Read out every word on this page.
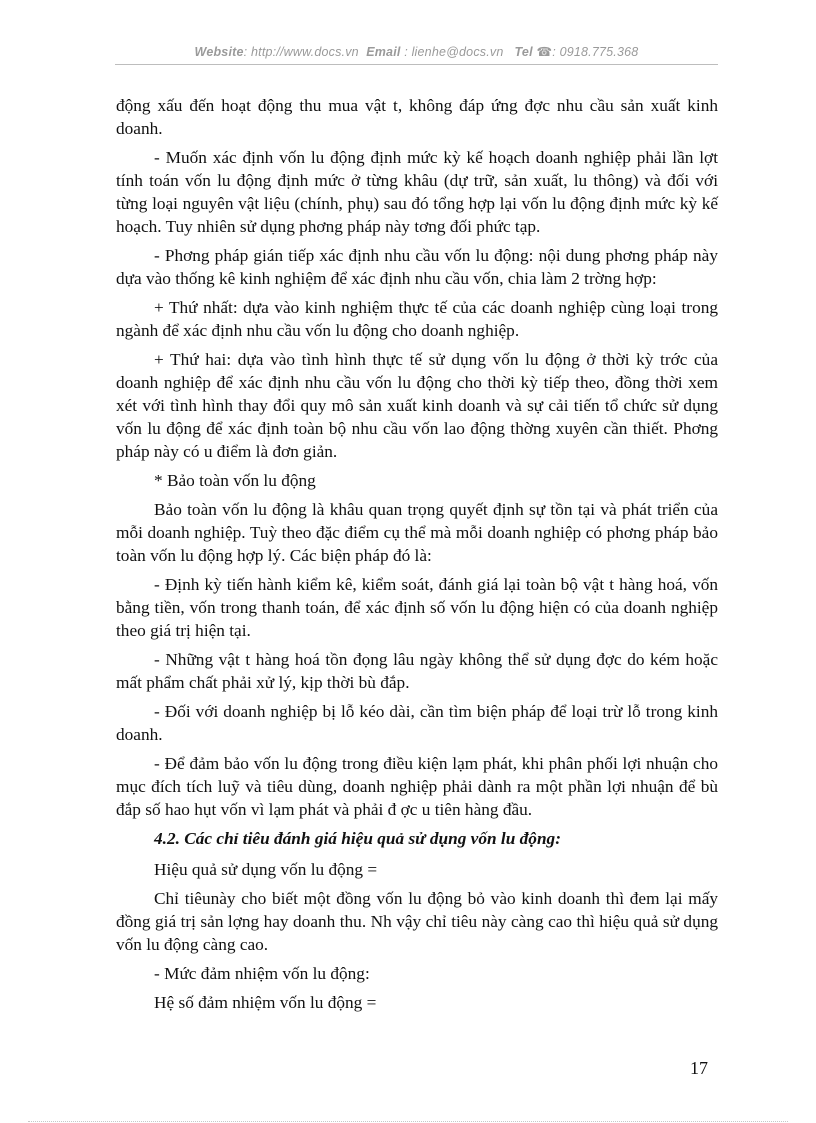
Website: http://www.docs.vn Email : lienhe@docs.vn Tel ☎: 0918.775.368

động xấu đến hoạt động thu mua vật t, không đáp ứng đợc nhu cầu sản xuất kinh doanh.

- Muốn xác định vốn lu động định mức kỳ kế hoạch doanh nghiệp phải lần lợt tính toán vốn lu động định mức ở từng khâu (dự trữ, sản xuất, lu thông) và đối với từng loại nguyên vật liệu (chính, phụ) sau đó tổng hợp lại vốn lu động định mức kỳ kế hoạch. Tuy nhiên sử dụng phơng pháp này tơng đối phức tạp.

- Phơng pháp gián tiếp xác định nhu cầu vốn lu động: nội dung phơng pháp này dựa vào thống kê kinh nghiệm để xác định nhu cầu vốn, chia làm 2 trờng hợp:

+ Thứ nhất: dựa vào kinh nghiệm thực tế của các doanh nghiệp cùng loại trong ngành để xác định nhu cầu vốn lu động cho doanh nghiệp.

+ Thứ hai: dựa vào tình hình thực tế sử dụng vốn lu động ở thời kỳ trớc của doanh nghiệp để xác định nhu cầu vốn lu động cho thời kỳ tiếp theo, đồng thời xem xét với tình hình thay đổi quy mô sản xuất kinh doanh và sự cải tiến tổ chức sử dụng vốn lu động để xác định toàn bộ nhu cầu vốn lao động thờng xuyên cần thiết. Phơng pháp này có u điểm là đơn giản.

* Bảo toàn vốn lu động

Bảo toàn vốn lu động là khâu quan trọng quyết định sự tồn tại và phát triển của mỗi doanh nghiệp. Tuỳ theo đặc điểm cụ thể mà mỗi doanh nghiệp có phơng pháp bảo toàn vốn lu động hợp lý. Các biện pháp đó là:

- Định kỳ tiến hành kiểm kê, kiểm soát, đánh giá lại toàn bộ vật t hàng hoá, vốn bằng tiền, vốn trong thanh toán, để xác định số vốn lu động hiện có của doanh nghiệp theo giá trị hiện tại.

- Những vật t hàng hoá tồn đọng lâu ngày không thể sử dụng đợc do kém hoặc mất phẩm chất phải xử lý, kịp thời bù đắp.

- Đối với doanh nghiệp bị lỗ kéo dài, cần tìm biện pháp để loại trừ lỗ trong kinh doanh.

- Để đảm bảo vốn lu động trong điều kiện lạm phát, khi phân phối lợi nhuận cho mục đích tích luỹ và tiêu dùng, doanh nghiệp phải dành ra một phần lợi nhuận để bù đắp số hao hụt vốn vì lạm phát và phải đ ợc u tiên hàng đầu.

4.2. Các chỉ tiêu đánh giá hiệu quả sử dụng vốn lu động:

Hiệu quả sử dụng vốn lu động =

Chỉ tiêunày cho biết một đồng vốn lu động bỏ vào kinh doanh thì đem lại mấy đồng giá trị sản lợng hay doanh thu. Nh vậy chỉ tiêu này càng cao thì hiệu quả sử dụng vốn lu động càng cao.

- Mức đảm nhiệm vốn lu động:

Hệ số đảm nhiệm vốn lu động =

17
